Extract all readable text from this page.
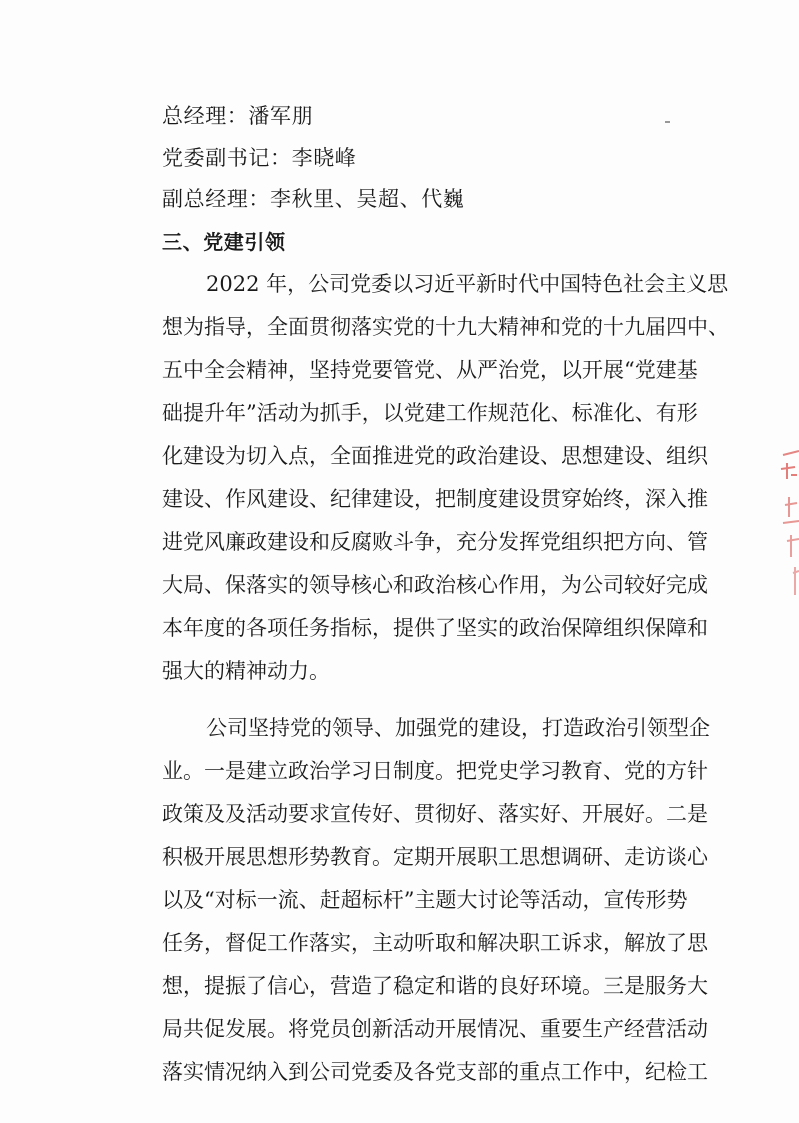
总经理：潘军朋
党委副书记：李晓峰
副总经理：李秋里、吴超、代巍
三、党建引领
2022 年，公司党委以习近平新时代中国特色社会主义思
想为指导，全面贯彻落实党的十九大精神和党的十九届四中、
五中全会精神，坚持党要管党、从严治党，以开展“党建基
础提升年”活动为抓手，以党建工作规范化、标准化、有形
化建设为切入点，全面推进党的政治建设、思想建设、组织
建设、作风建设、纪律建设，把制度建设贯穿始终，深入推
进党风廉政建设和反腐败斗争，充分发挥党组织把方向、管
大局、保落实的领导核心和政治核心作用，为公司较好完成
本年度的各项任务指标，提供了坚实的政治保障组织保障和
强大的精神动力。
公司坚持党的领导、加强党的建设，打造政治引领型企
业。一是建立政治学习日制度。把党史学习教育、党的方针
政策及及活动要求宣传好、贯彻好、落实好、开展好。二是
积极开展思想形势教育。定期开展职工思想调研、走访谈心
以及“对标一流、赶超标杆”主题大讨论等活动，宣传形势
任务，督促工作落实，主动听取和解决职工诉求，解放了思
想，提振了信心，营造了稳定和谐的良好环境。三是服务大
局共促发展。将党员创新活动开展情况、重要生产经营活动
落实情况纳入到公司党委及各党支部的重点工作中，纪检工
